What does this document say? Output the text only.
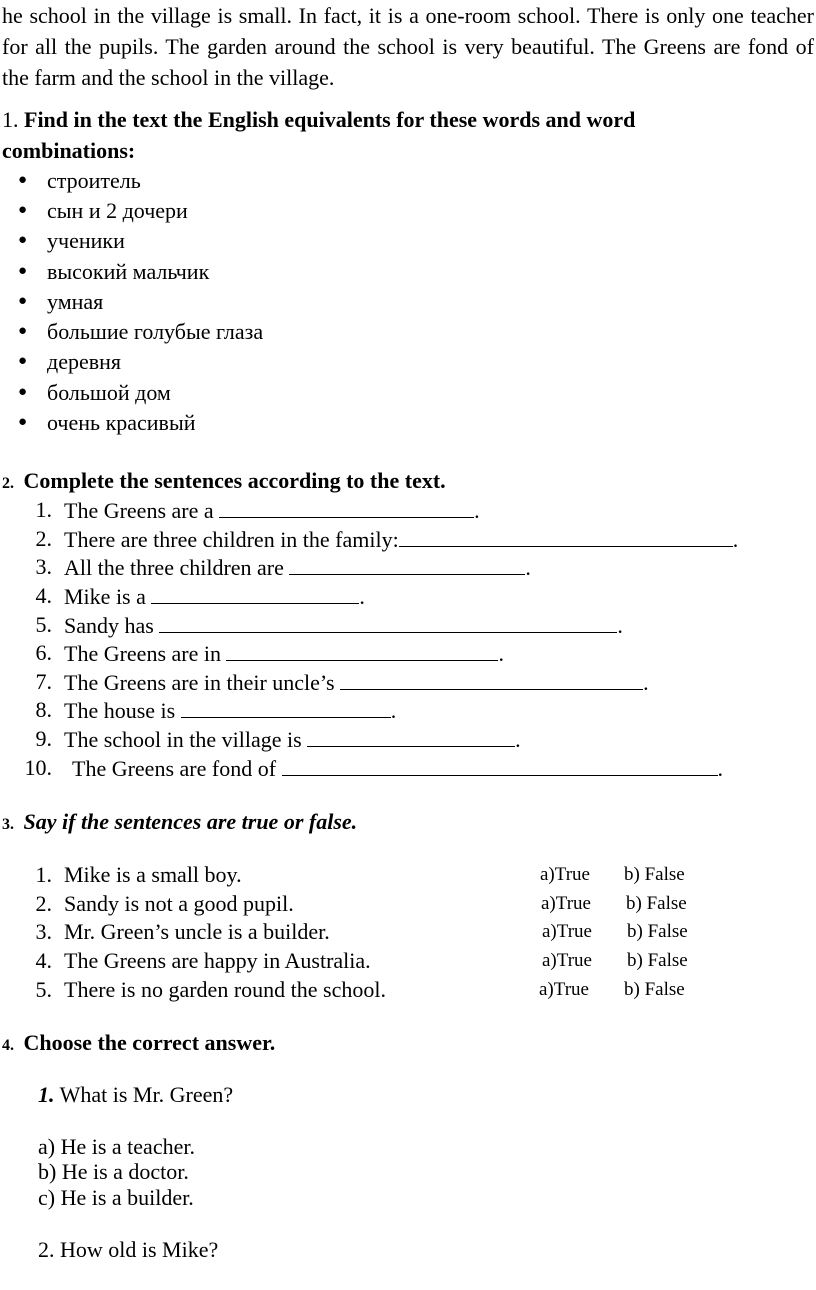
he school in the village is small. In fact, it is a one-room school. There is only one teacher for all the pupils. The garden around the school is very beautiful. The Greens are fond of the farm and the school in the village.
1. Find in the text the English equivalents for these words and word
combinations:
● строитель
● сын и 2 дочери
● ученики
● высокий мальчик
● умная
● большие голубые глаза
● деревня
● большой дом
● очень красивый
2. Complete the sentences according to the text.
1. The Greens are a	.
2. There are three children in the family:	.
3. All the three children are	.
4. Mike is a	.
5. Sandy has	.
6. The Greens are in	.
7. The Greens are in their uncle’s	.
8. The house is	.
9. The school in the village is	.
10. The Greens are fond of	.
3. Say if the sentences are true or false.
1. Mike is a small boy.	a)True b) False
2. Sandy is not a good pupil.	a)True b) False
3. Mr. Green’s uncle is a builder.	a)True b) False
4. The Greens are happy in Australia.	a)True b) False
5. There is no garden round the school.	a)True b) False
4. Choose the correct answer.
1. What is Mr. Green?
a) He is a teacher.
b) He is a doctor.
c) He is a builder.
2. How old is Mike?
